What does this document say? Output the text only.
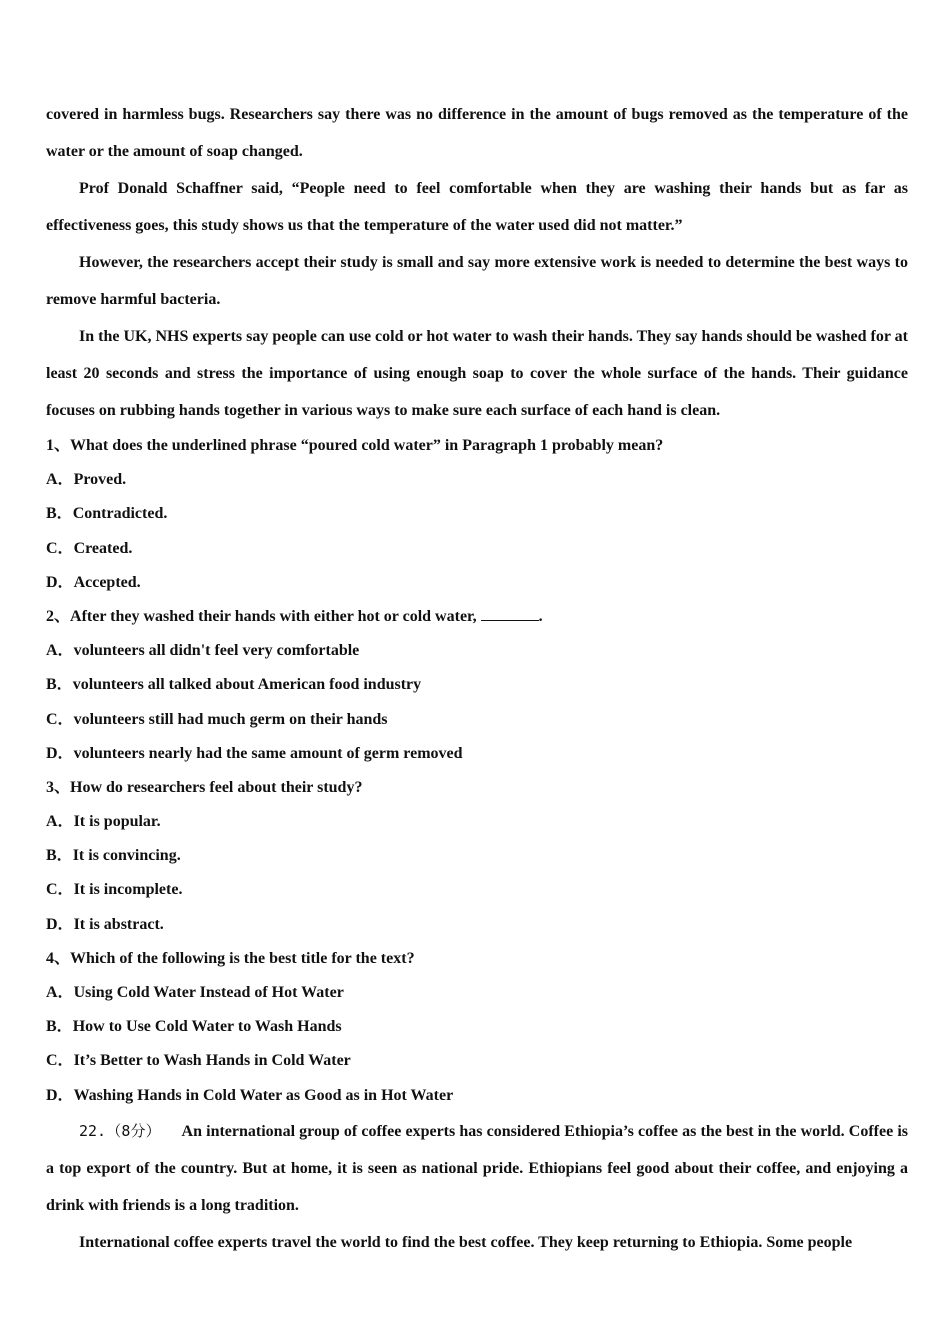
covered in harmless bugs. Researchers say there was no difference in the amount of bugs removed as the temperature of the water or the amount of soap changed.

Prof Donald Schaffner said, “People need to feel comfortable when they are washing their hands but as far as effectiveness goes, this study shows us that the temperature of the water used did not matter.”

However, the researchers accept their study is small and say more extensive work is needed to determine the best ways to remove harmful bacteria.

In the UK, NHS experts say people can use cold or hot water to wash their hands. They say hands should be washed for at least 20 seconds and stress the importance of using enough soap to cover the whole surface of the hands. Their guidance focuses on rubbing hands together in various ways to make sure each surface of each hand is clean.

1、What does the underlined phrase “poured cold water” in Paragraph 1 probably mean?

A．Proved.

B．Contradicted.

C．Created.

D．Accepted.

2、After they washed their hands with either hot or cold water,	.

A．volunteers all didn't feel very comfortable

B．volunteers all talked about American food industry

C．volunteers still had much germ on their hands

D．volunteers nearly had the same amount of germ removed

3、How do researchers feel about their study?

A．It is popular.

B．It is convincing.

C．It is incomplete.

D．It is abstract.

4、Which of the following is the best title for the text?

A．Using Cold Water Instead of Hot Water

B．How to Use Cold Water to Wash Hands

C．It’s Better to Wash Hands in Cold Water

D．Washing Hands in Cold Water as Good as in Hot Water

22.（8分） An international group of coffee experts has considered Ethiopia’s coffee as the best in the world. Coffee is a top export of the country. But at home, it is seen as national pride. Ethiopians feel good about their coffee, and enjoying a drink with friends is a long tradition.

International coffee experts travel the world to find the best coffee. They keep returning to Ethiopia. Some people
